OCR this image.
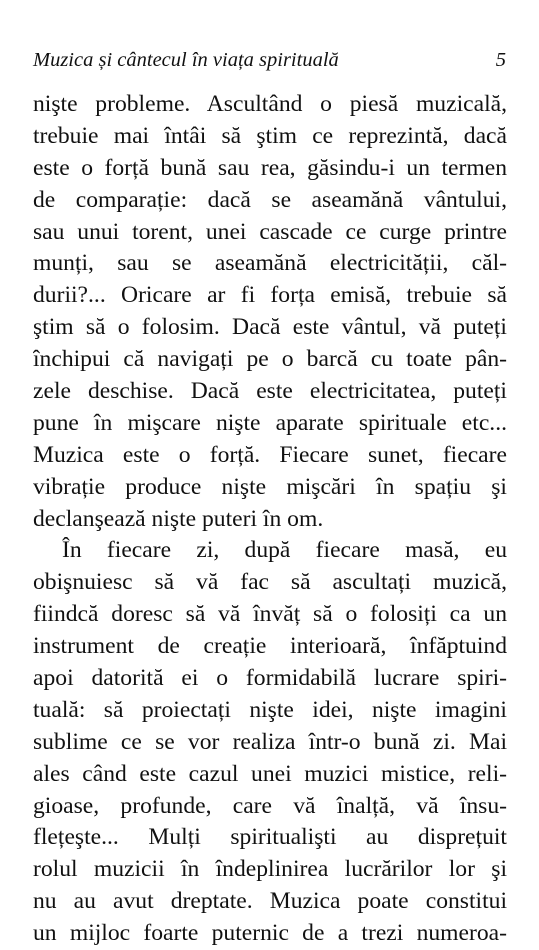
Muzica și cântecul în viața spirituală	5
nişte probleme. Ascultând o piesă muzicală,
trebuie mai întâi să ştim ce reprezintă, dacă
este o forță bună sau rea, găsindu-i un termen
de comparație: dacă se aseamănă vântului,
sau unui torent, unei cascade ce curge printre
munți, sau se aseamănă electricității, căl-
durii?... Oricare ar fi forța emisă, trebuie să
ştim să o folosim. Dacă este vântul, vă puteți
închipui că navigați pe o barcă cu toate pân-
zele deschise. Dacă este electricitatea, puteți
pune în mişcare nişte aparate spirituale etc...
Muzica este o forță. Fiecare sunet, fiecare
vibrație produce nişte mişcări în spațiu şi
declanşează nişte puteri în om.
În fiecare zi, după fiecare masă, eu
obişnuiesc să vă fac să ascultați muzică,
fiindcă doresc să vă învăț să o folosiți ca un
instrument de creație interioară, înfăptuind
apoi datorită ei o formidabilă lucrare spiri-
tuală: să proiectați nişte idei, nişte imagini
sublime ce se vor realiza într-o bună zi. Mai
ales când este cazul unei muzici mistice, reli-
gioase, profunde, care vă înalță, vă însu-
flețeşte... Mulți spiritualişti au disprețuit
rolul muzicii în îndeplinirea lucrărilor lor şi
nu au avut dreptate. Muzica poate constitui
un mijloc foarte puternic de a trezi numeroa-
